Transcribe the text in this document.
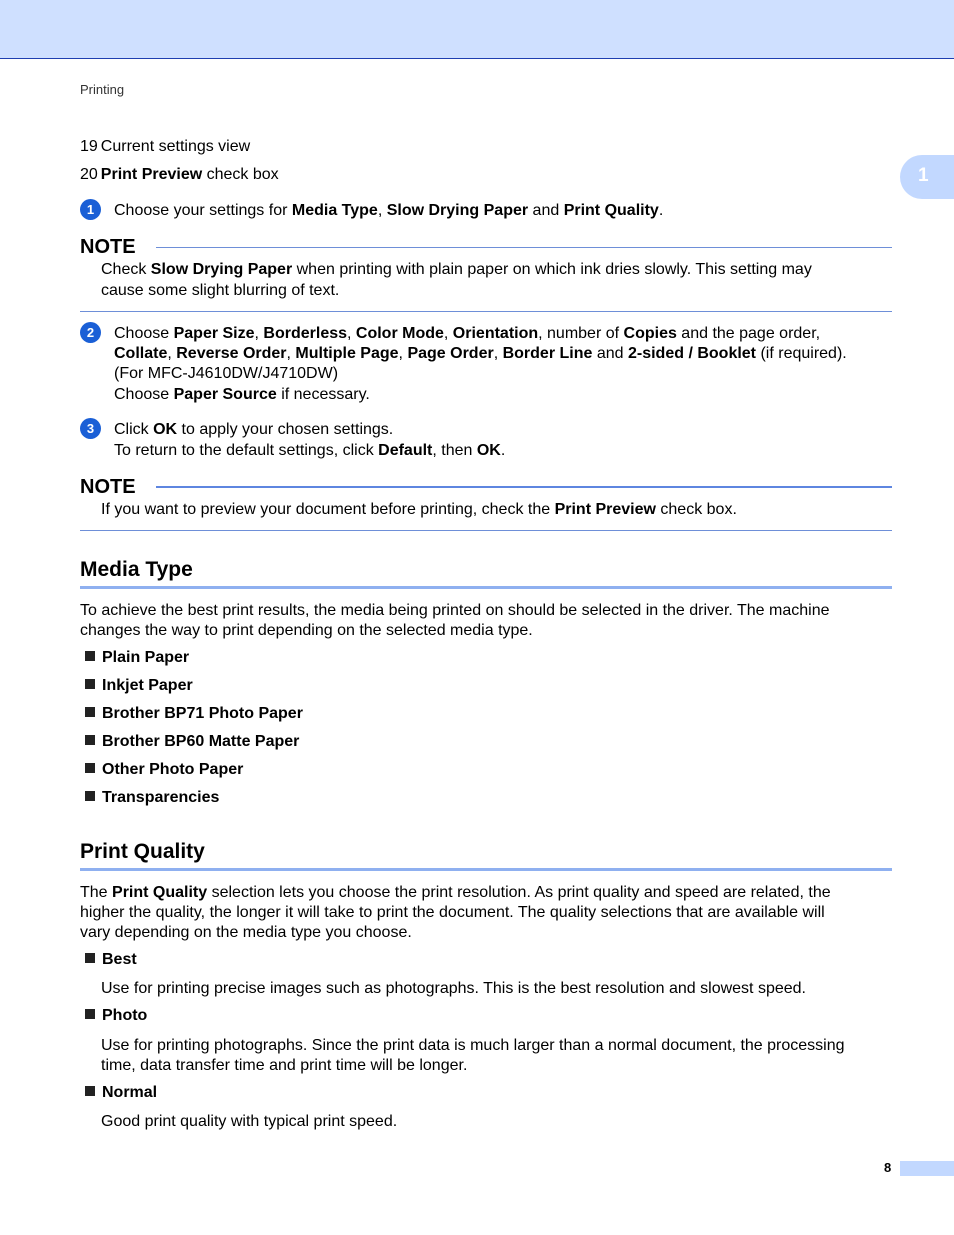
Printing
1
19 Current settings view
20 Print Preview check box
1	Choose your settings for Media Type, Slow Drying Paper and Print Quality.
NOTE
Check Slow Drying Paper when printing with plain paper on which ink dries slowly. This setting may
cause some slight blurring of text.
2	Choose Paper Size, Borderless, Color Mode, Orientation, number of Copies and the page order,
Collate, Reverse Order, Multiple Page, Page Order, Border Line and 2-sided / Booklet (if required).
(For MFC-J4610DW/J4710DW)
Choose Paper Source if necessary.
3	Click OK to apply your chosen settings.
To return to the default settings, click Default, then OK.
NOTE
If you want to preview your document before printing, check the Print Preview check box.
Media Type
To achieve the best print results, the media being printed on should be selected in the driver. The machine
changes the way to print depending on the selected media type.
Plain Paper
Inkjet Paper
Brother BP71 Photo Paper
Brother BP60 Matte Paper
Other Photo Paper
Transparencies
Print Quality
The Print Quality selection lets you choose the print resolution. As print quality and speed are related, the
higher the quality, the longer it will take to print the document. The quality selections that are available will
vary depending on the media type you choose.
Best
Use for printing precise images such as photographs. This is the best resolution and slowest speed.
Photo
Use for printing photographs. Since the print data is much larger than a normal document, the processing
time, data transfer time and print time will be longer.
Normal
Good print quality with typical print speed.
8
